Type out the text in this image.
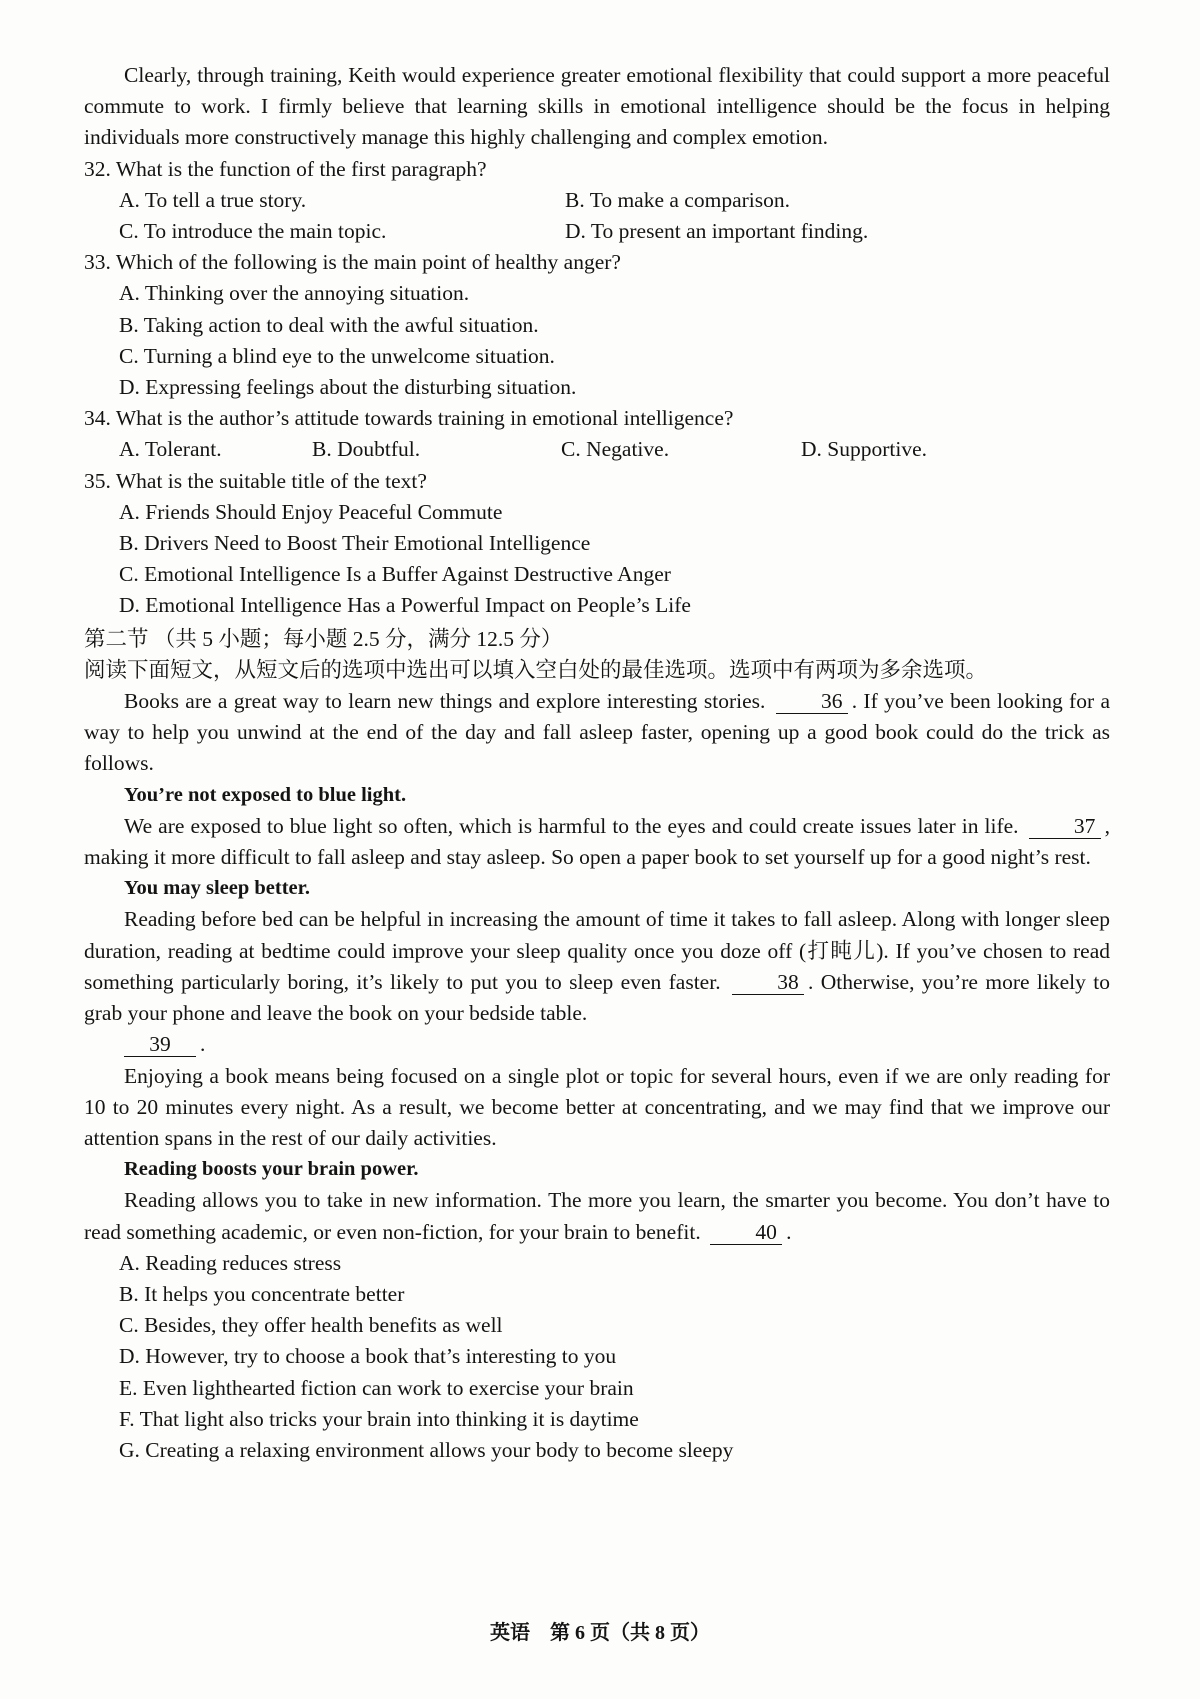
Clearly, through training, Keith would experience greater emotional flexibility that could support a more peaceful commute to work. I firmly believe that learning skills in emotional intelligence should be the focus in helping individuals more constructively manage this highly challenging and complex emotion.

32. What is the function of the first paragraph?

A. To tell a true story.	B. To make a comparison.
C. To introduce the main topic.	D. To present an important finding.

33. Which of the following is the main point of healthy anger?

A. Thinking over the annoying situation.

B. Taking action to deal with the awful situation.

C. Turning a blind eye to the unwelcome situation.

D. Expressing feelings about the disturbing situation.

34. What is the author’s attitude towards training in emotional intelligence?

A. Tolerant.	B. Doubtful.	C. Negative.	D. Supportive.

35. What is the suitable title of the text?

A. Friends Should Enjoy Peaceful Commute

B. Drivers Need to Boost Their Emotional Intelligence

C. Emotional Intelligence Is a Buffer Against Destructive Anger

D. Emotional Intelligence Has a Powerful Impact on People’s Life

第二节 （共 5 小题；每小题 2.5 分，满分 12.5 分）

阅读下面短文，从短文后的选项中选出可以填入空白处的最佳选项。选项中有两项为多余选项。

Books are a great way to learn new things and explore interesting stories.	36 . If you’ve been looking for a way to help you unwind at the end of the day and fall asleep faster, opening up a good book could do the trick as follows.

You’re not exposed to blue light.

We are exposed to blue light so often, which is harmful to the eyes and could create issues later in life.	37 , making it more difficult to fall asleep and stay asleep. So open a paper book to set yourself up for a good night’s rest.

You may sleep better.

Reading before bed can be helpful in increasing the amount of time it takes to fall asleep. Along with longer sleep duration, reading at bedtime could improve your sleep quality once you doze off (打盹儿). If you’ve chosen to read something particularly boring, it’s likely to put you to sleep even faster.	38 . Otherwise, you’re more likely to grab your phone and leave the book on your bedside table.

39 .

Enjoying a book means being focused on a single plot or topic for several hours, even if we are only reading for 10 to 20 minutes every night. As a result, we become better at concentrating, and we may find that we improve our attention spans in the rest of our daily activities.

Reading boosts your brain power.

Reading allows you to take in new information. The more you learn, the smarter you become. You don’t have to read something academic, or even non-fiction, for your brain to benefit.	40 .

A. Reading reduces stress

B. It helps you concentrate better

C. Besides, they offer health benefits as well

D. However, try to choose a book that’s interesting to you

E. Even lighthearted fiction can work to exercise your brain

F. That light also tricks your brain into thinking it is daytime

G. Creating a relaxing environment allows your body to become sleepy

英语　第 6 页（共 8 页）
